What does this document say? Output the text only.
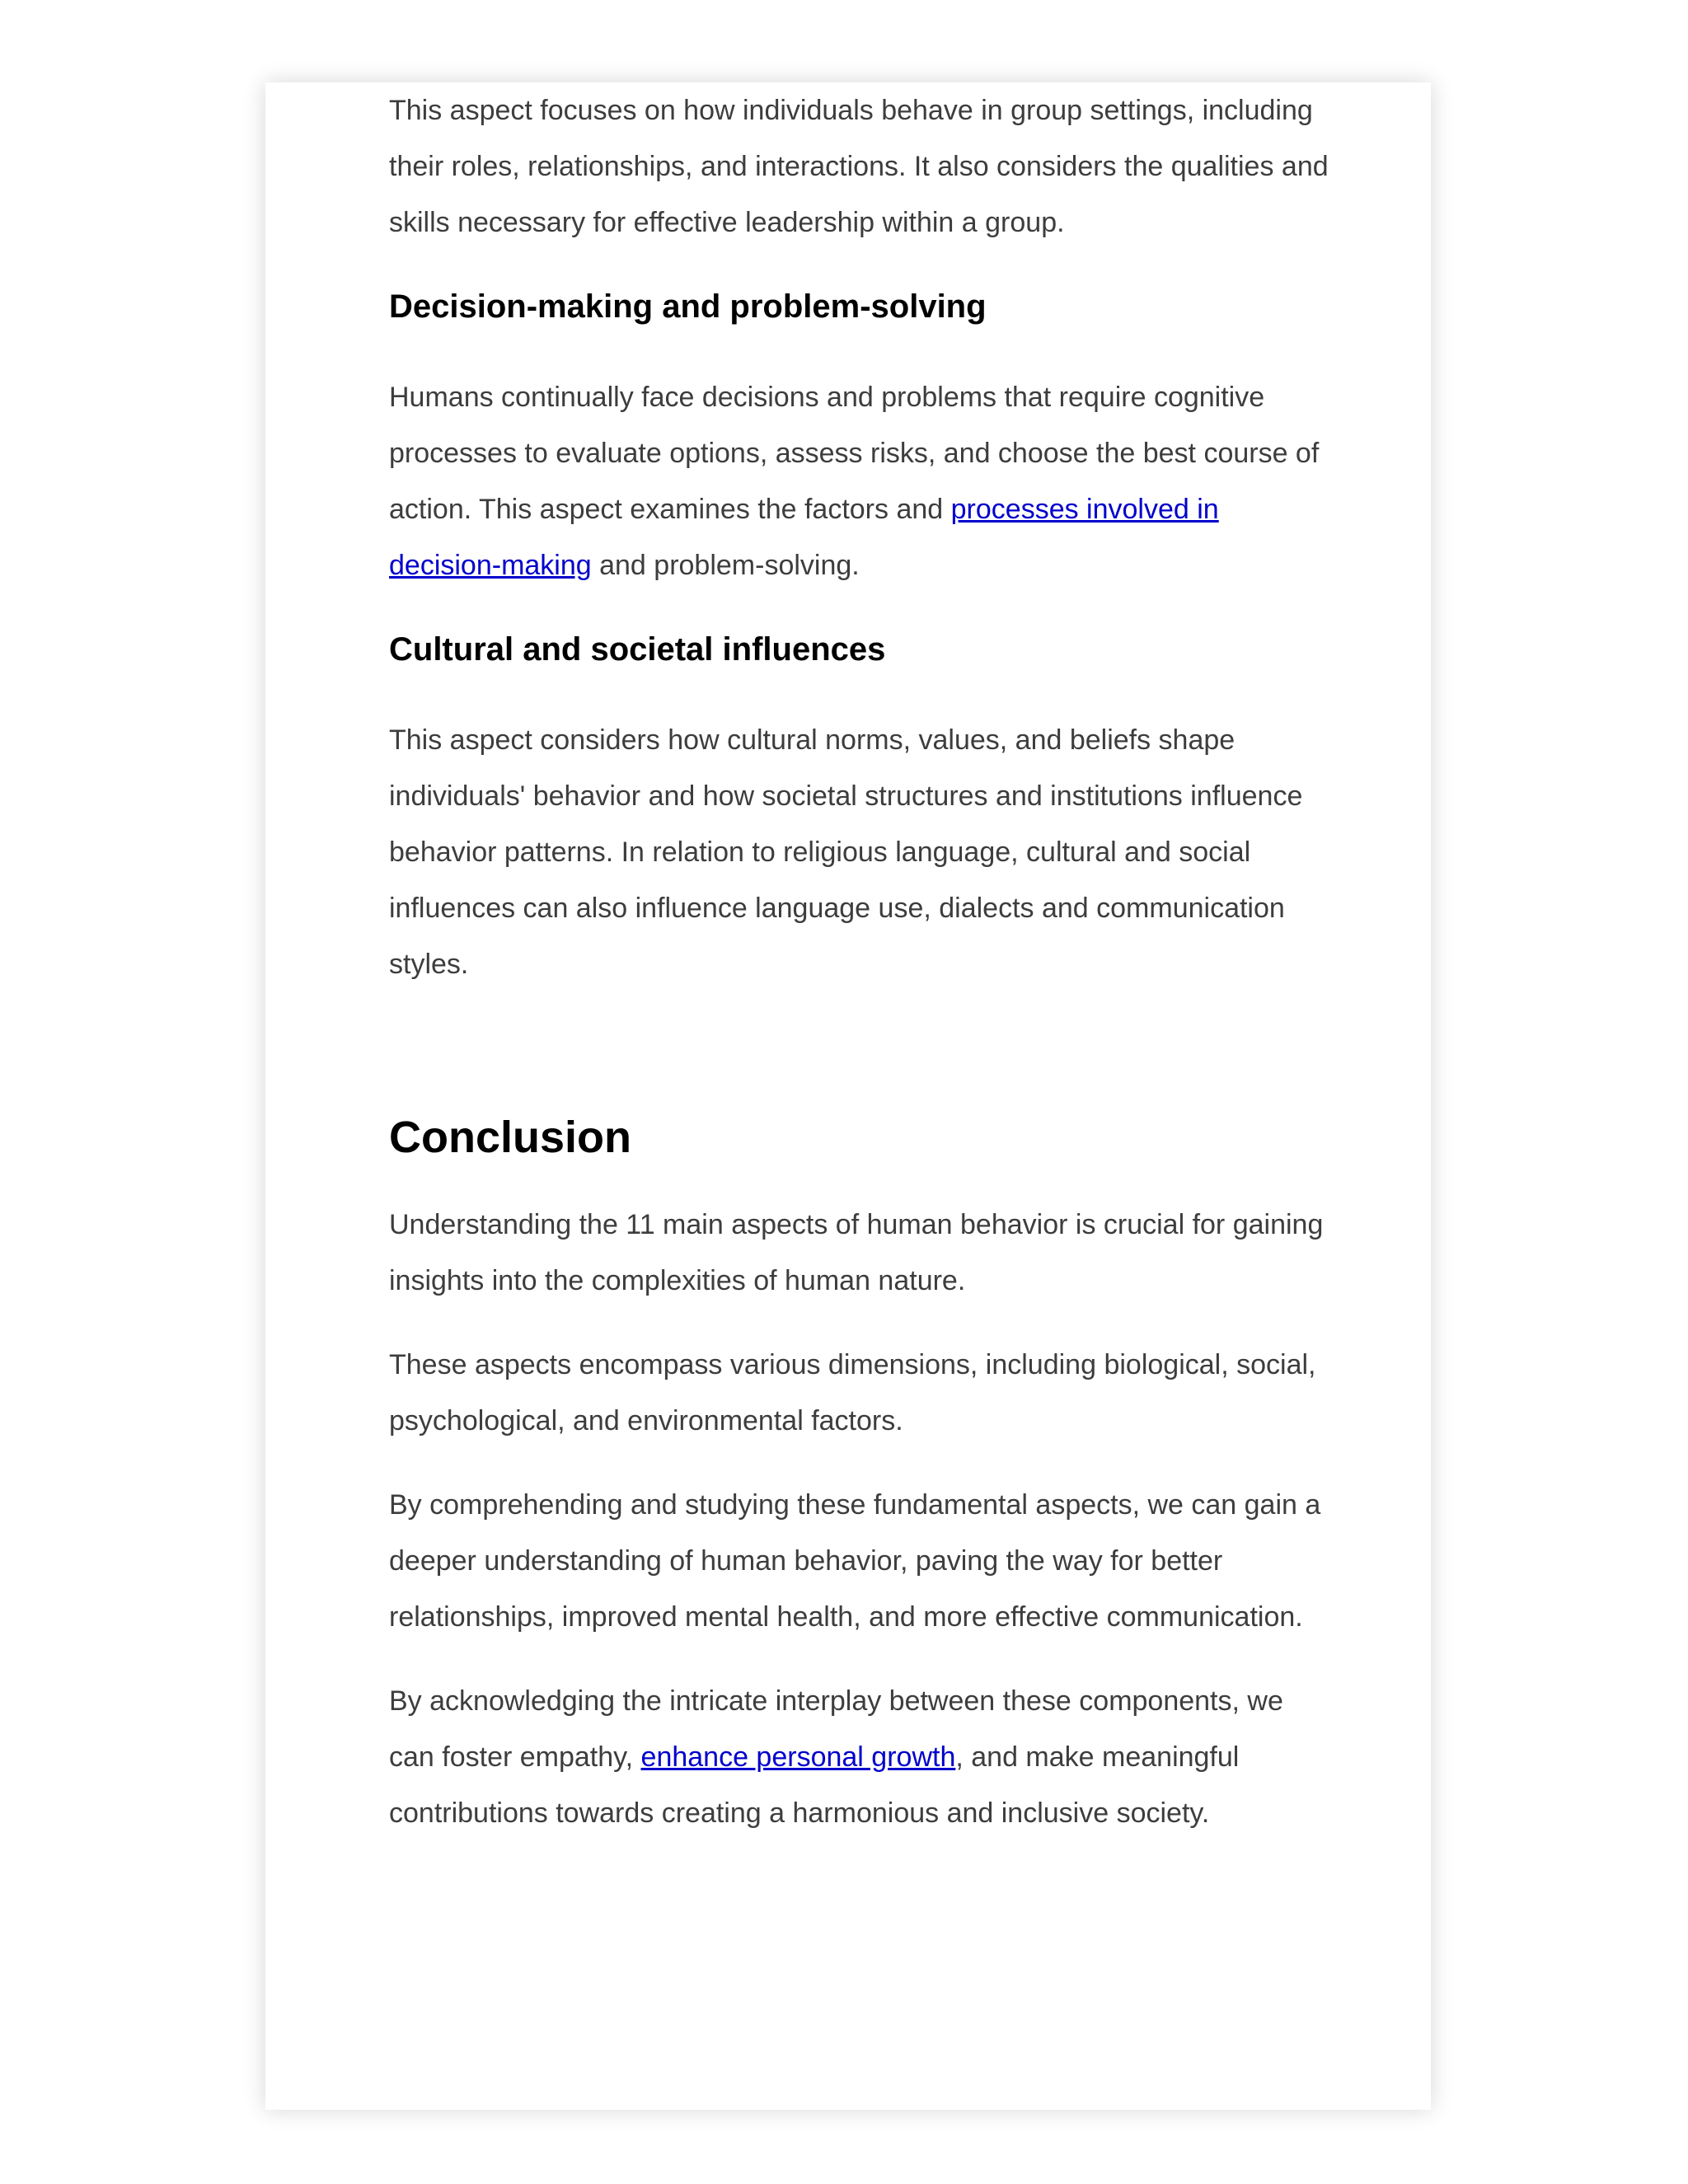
This aspect focuses on how individuals behave in group settings, including their roles, relationships, and interactions. It also considers the qualities and skills necessary for effective leadership within a group.

Decision-making and problem-solving

Humans continually face decisions and problems that require cognitive processes to evaluate options, assess risks, and choose the best course of action. This aspect examines the factors and processes involved in decision-making and problem-solving.

Cultural and societal influences

This aspect considers how cultural norms, values, and beliefs shape individuals' behavior and how societal structures and institutions influence behavior patterns. In relation to religious language, cultural and social influences can also influence language use, dialects and communication styles.

Conclusion

Understanding the 11 main aspects of human behavior is crucial for gaining insights into the complexities of human nature.

These aspects encompass various dimensions, including biological, social, psychological, and environmental factors.

By comprehending and studying these fundamental aspects, we can gain a deeper understanding of human behavior, paving the way for better relationships, improved mental health, and more effective communication.

By acknowledging the intricate interplay between these components, we can foster empathy, enhance personal growth, and make meaningful contributions towards creating a harmonious and inclusive society.
